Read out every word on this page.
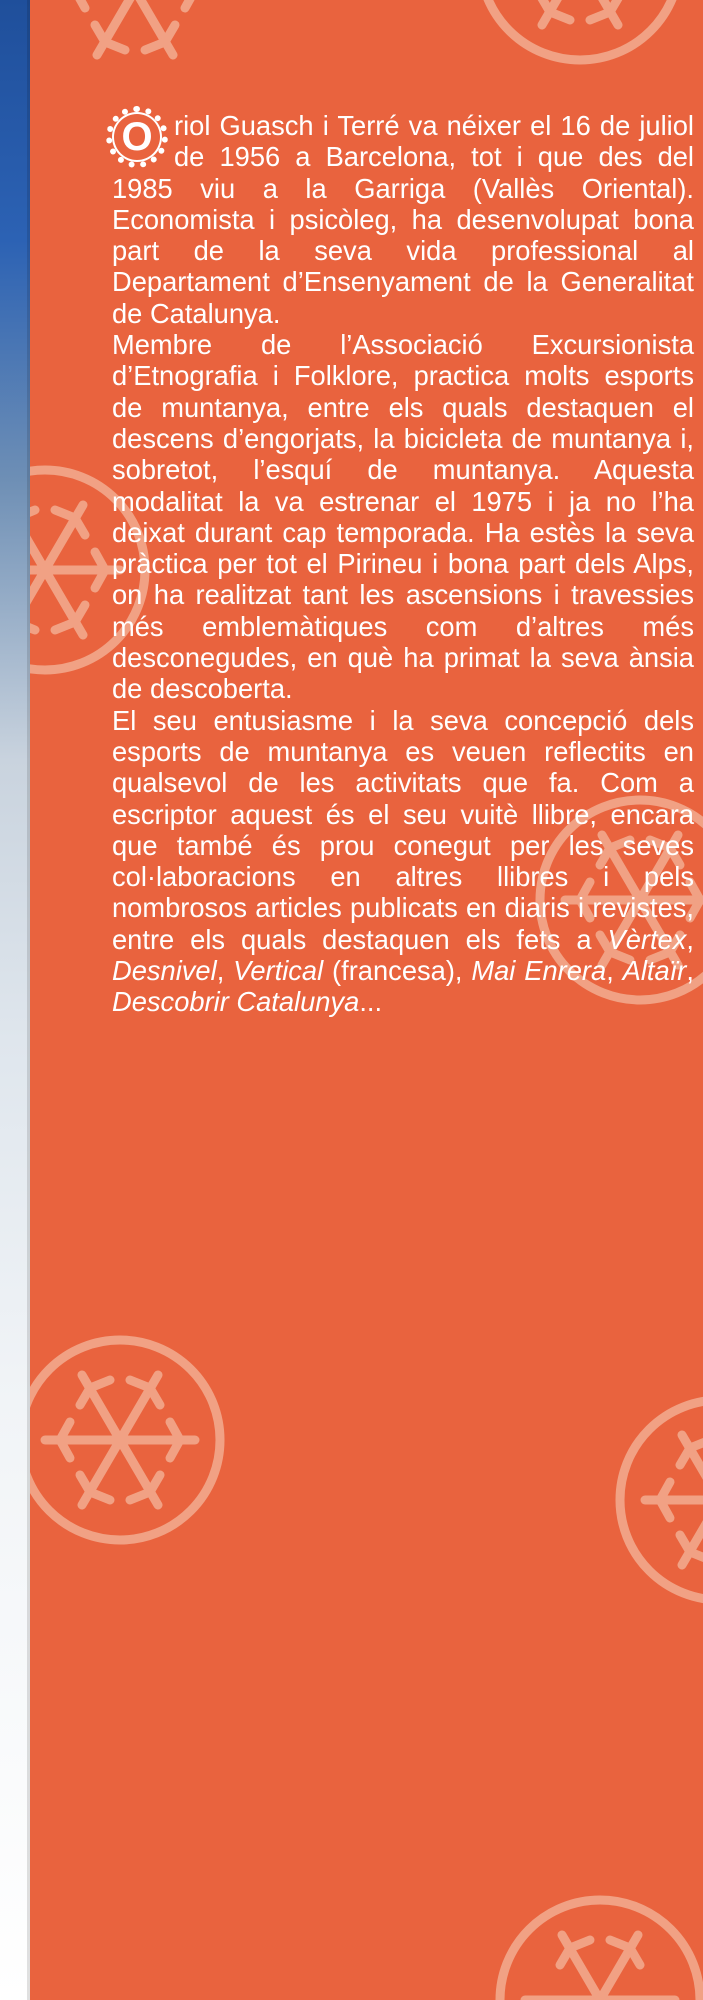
O riol Guasch i Terré va néixer el 16 de juliol de 1956 a Barcelona, tot i que des del 1985 viu a la Garriga (Vallès Oriental). Economista i psicòleg, ha desenvolupat bona part de la seva vida professional al Departament d’Ensenyament de la Generalitat de Catalunya.

Membre de l’Associació Excursionista d’Etnografia i Folklore, practica molts esports de muntanya, entre els quals destaquen el descens d’engorjats, la bicicleta de muntanya i, sobretot, l’esquí de muntanya. Aquesta modalitat la va estrenar el 1975 i ja no l’ha deixat durant cap temporada. Ha estès la seva pràctica per tot el Pirineu i bona part dels Alps, on ha realitzat tant les ascensions i travessies més emblemàtiques com d’altres més desconegudes, en què ha primat la seva ànsia de descoberta.

El seu entusiasme i la seva concepció dels esports de muntanya es veuen reflectits en qualsevol de les activitats que fa. Com a escriptor aquest és el seu vuitè llibre, encara que també és prou conegut per les seves col·laboracions en altres llibres i pels nombrosos articles publicats en diaris i revistes, entre els quals destaquen els fets a Vèrtex, Desnivel, Vertical (francesa), Mai Enrera, Altaïr, Descobrir Catalunya...
